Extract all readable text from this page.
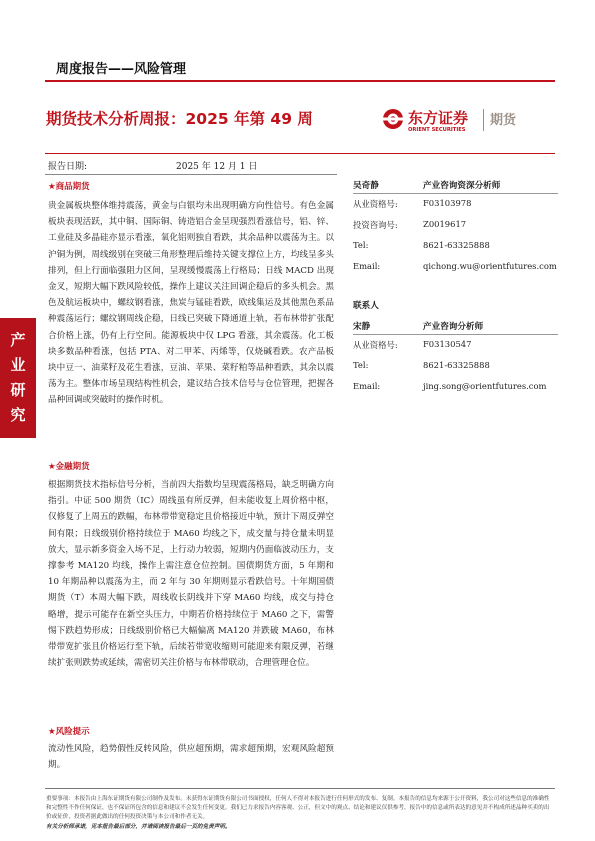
周度报告——风险管理
期货技术分析周报：2025 年第 49 周	东方证券
ORIENT SECURITIES
期货
报告日期:	2025 年 12 月 1 日
产
业
研
究
★商品期货

贵金属板块整体维持震荡，黄金与白银均未出现明确方向性信号。有色金属板块表现活跃，其中铜、国际铜、铸造铝合金呈现强烈看涨信号，铝、锌、工业硅及多晶硅亦显示看涨，氧化铝则独自看跌，其余品种以震荡为主。以沪铜为例，周线级别在突破三角形整理后维持关键支撑位上方，均线呈多头排列，但上行面临强阻力区间，呈现缓慢震荡上行格局；日线 MACD 出现金叉，短期大幅下跌风险较低，操作上建议关注回调企稳后的多头机会。黑色及航运板块中，螺纹钢看涨，焦炭与锰硅看跌，欧线集运及其他黑色系品种震荡运行；螺纹钢周线企稳，日线已突破下降通道上轨，若布林带扩张配合价格上涨，仍有上行空间。能源板块中仅 LPG 看涨，其余震荡。化工板块多数品种看涨，包括 PTA、对二甲苯、丙烯等，仅烧碱看跌。农产品板块中豆一、油菜籽及花生看涨，豆油、苹果、菜籽粕等品种看跌，其余以震荡为主。整体市场呈现结构性机会，建议结合技术信号与仓位管理，把握各品种回调或突破时的操作时机。

★金融期货

根据期货技术指标信号分析，当前四大指数均呈现震荡格局，缺乏明确方向指引。中证 500 期货（IC）周线虽有所反弹，但未能收复上周价格中枢，仅修复了上周五的跌幅，布林带带宽稳定且价格接近中轨，预计下周反弹空间有限；日线级别价格持续位于 MA60 均线之下，成交量与持仓量未明显放大，显示新多资金入场不足，上行动力较弱，短期内仍面临波动压力，支撑参考 MA120 均线，操作上需注意仓位控制。国债期货方面，5 年期和 10 年期品种以震荡为主，而 2 年与 30 年期则显示看跌信号。十年期国债期货（T）本周大幅下跌，周线收长阴线并下穿 MA60 均线，成交与持仓略增，提示可能存在新空头压力，中期若价格持续位于 MA60 之下，需警惕下跌趋势形成；日线级别价格已大幅偏离 MA120 并跌破 MA60，布林带带宽扩张且价格运行至下轨，后续若带宽收缩则可能迎来有限反弹，若继续扩张则跌势或延续，需密切关注价格与布林带联动，合理管理仓位。

★风险提示

流动性风险，趋势假性反转风险，供应超预期，需求超预期，宏观风险超预期。

吴奇静	产业咨询资深分析师
从业资格号:	F03103978
投资咨询号:	Z0019617
Tel:	8621-63325888
Email:	qichong.wu@orientfutures.com
联系人
宋静	产业咨询分析师
从业资格号:	F03130547
Tel:	8621-63325888
Email:	jing.song@orientfutures.com

重要事项：本报告由上海东证期货有限公司制作及发布。未获得东证期货有限公司书面授权，任何人不得对本报告进行任何形式的发布、复制。本报告的信息均来源于公开资料，我公司对这些信息的准确性和完整性不作任何保证，也不保证所包含的信息和建议不会发生任何变更。我们已力求报告内容客观、公正，但文中的观点、结论和建议仅供参考，报告中的信息或所表达的意见并不构成所述品种买卖的出价或征价，投资者据此做出的任何投资决策与本公司和作者无关。
有关分析师承诺，见本报告最后部分，并请阅读报告最后一页的免责声明。
